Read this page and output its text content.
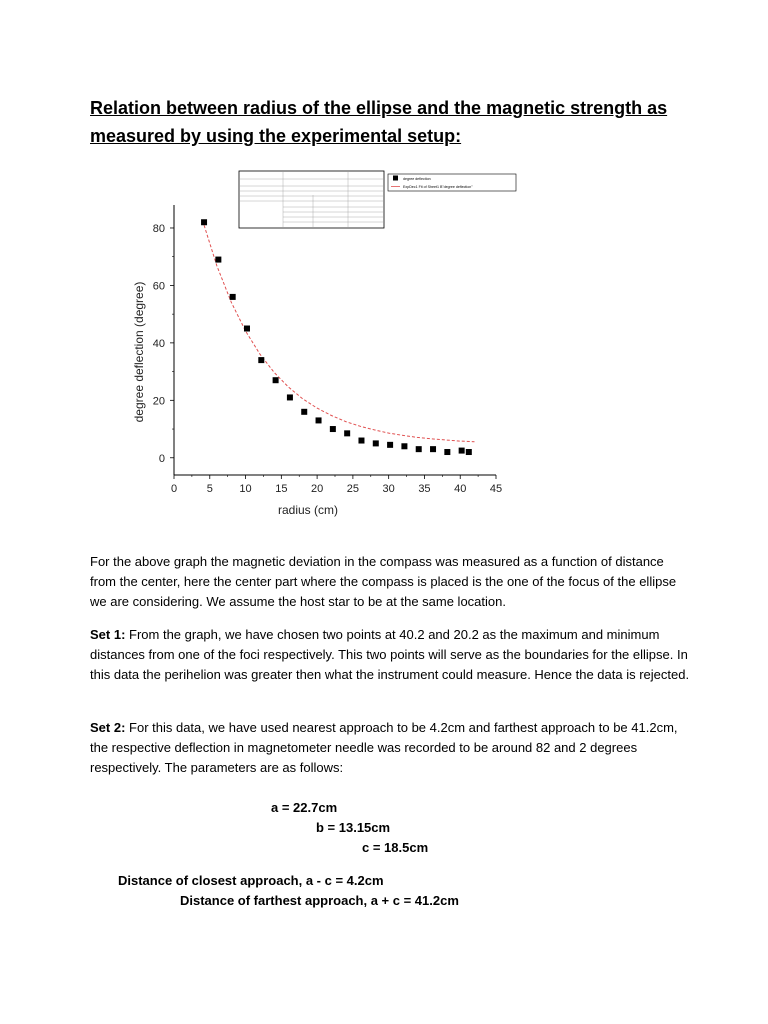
Relation between radius of the ellipse and the magnetic strength as measured by using the experimental setup:
degree deflection
ExpDec1 Fit of Sheet1 B"degree deflection"
0	5 10 15 20 25 30 35 40 45
0
20
40
60
80
radius (cm)
degree deflection (degree)

For the above graph the magnetic deviation in the compass was measured as a function of distance from the center, here the center part where the compass is placed is the one of the focus of the ellipse we are considering. We assume the host star to be at the same location.

Set 1: From the graph, we have chosen two points at 40.2 and 20.2 as the maximum and minimum distances from one of the foci respectively. This two points will serve as the boundaries for the ellipse. In this data the perihelion was greater then what the instrument could measure. Hence the data is rejected.

Set 2: For this data, we have used nearest approach to be 4.2cm and farthest approach to be 41.2cm, the respective deflection in magnetometer needle was recorded to be around 82 and 2 degrees respectively. The parameters are as follows:

a = 22.7cm

b = 13.15cm

c = 18.5cm

Distance of closest approach, a - c = 4.2cm

Distance of farthest approach, a + c = 41.2cm
